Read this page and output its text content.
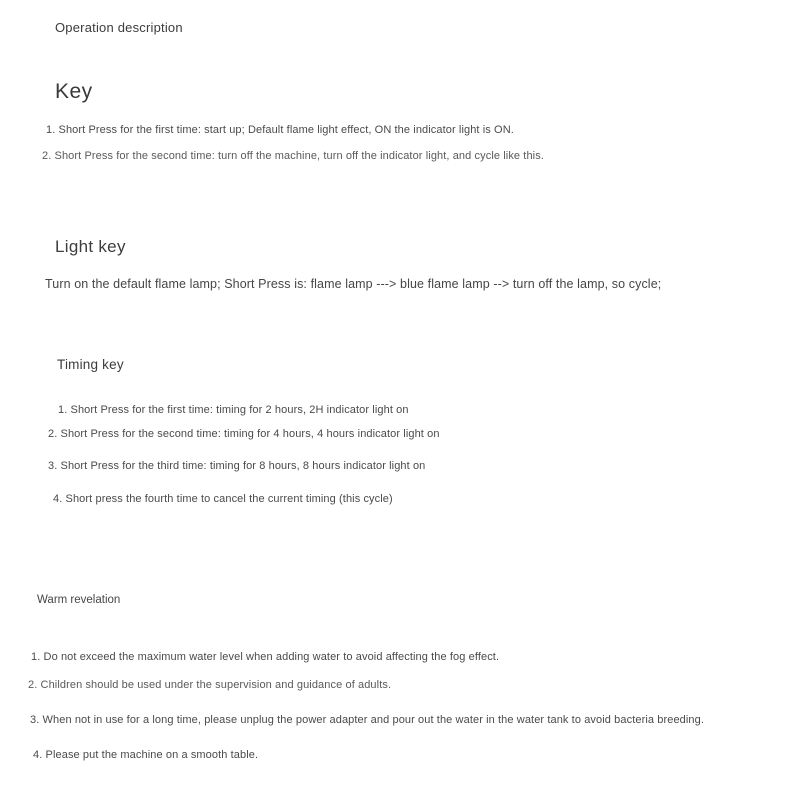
Operation description
Key
1. Short Press for the first time: start up; Default flame light effect, ON the indicator light is ON.
2. Short Press for the second time: turn off the machine, turn off the indicator light, and cycle like this.
Light key
Turn on the default flame lamp; Short Press is: flame lamp ---> blue flame lamp --> turn off the lamp, so cycle;
Timing key
1. Short Press for the first time: timing for 2 hours, 2H indicator light on
2. Short Press for the second time: timing for 4 hours, 4 hours indicator light on
3. Short Press for the third time: timing for 8 hours, 8 hours indicator light on
4. Short press the fourth time to cancel the current timing (this cycle)
Warm revelation
1. Do not exceed the maximum water level when adding water to avoid affecting the fog effect.
2. Children should be used under the supervision and guidance of adults.
3. When not in use for a long time, please unplug the power adapter and pour out the water in the water tank to avoid bacteria breeding.
4. Please put the machine on a smooth table.
